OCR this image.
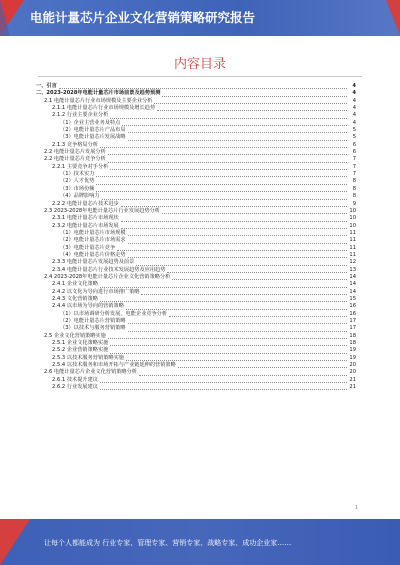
电能计量芯片企业文化营销策略研究报告
内容目录
一、引言	4
二、2023-2028年电能计量芯片市场前景及趋势预测	4
2.1 电能计量芯片行业市场规模及主要企业分析	4
2.1.1 电能计量芯片行业市场规模及增长趋势	4
2.1.2 行业主要企业分析	4
（1）企业主营业务及特点	4
（2）电能计量芯片产品布局	5
（3）电能计量芯片发展战略	5
2.1.3 竞争格局分析	6
2.2 电能计量芯片发展分析	6
2.2 电能计量芯片竞争分析	7
2.2.1 主要竞争对手分析	7
（1）技术实力	7
（2）人才优势	8
（3）市场份额	8
（4）品牌影响力	8
2.2.2 电能计量芯片技术进步	9
2.3 2023-2028年电能计量芯片行业发展趋势分析	10
2.3.1 电能计量芯片市场现状	10
2.3.2 电能计量芯片市场发展	10
（1）电能计量芯片市场规模	11
（2）电能计量芯片市场需求	11
（3）电能计量芯片竞争	11
（4）电能计量芯片价格走势	11
2.3.3 电能计量芯片发展趋势及前景	12
2.3.4 电能计量芯片行业技术发展趋势及应用趋势	13
2.4 2023-2028年电能计量芯片企业文化营销策略分析	14
2.4.1 企业文化策略	14
2.4.2 以文化为导向进行市场推广策略	14
2.4.3 文化营销策略	15
2.4.4 以市场为导向的营销策略	16
（1）以市场调研分析发展，电能企业竞争分析	16
（2）电能计量芯片营销策略	17
（3）以技术与服务营销策略	17
2.5 企业文化营销策略实施	18
2.5.1 企业文化策略实施	18
2.5.2 企业营销策略实施	19
2.5.3 以技术服务营销策略实施	19
2.5.4 以技术服务和市场开拓与产业链延伸的营销策略	20
2.6 电能计量芯片企业文化营销策略分析	20
2.6.1 技术提升建议	21
2.6.2 行业发展建议	21
1
让每个人都能成为 行业专家、管理专家、营销专家、战略专家、成功企业家……
